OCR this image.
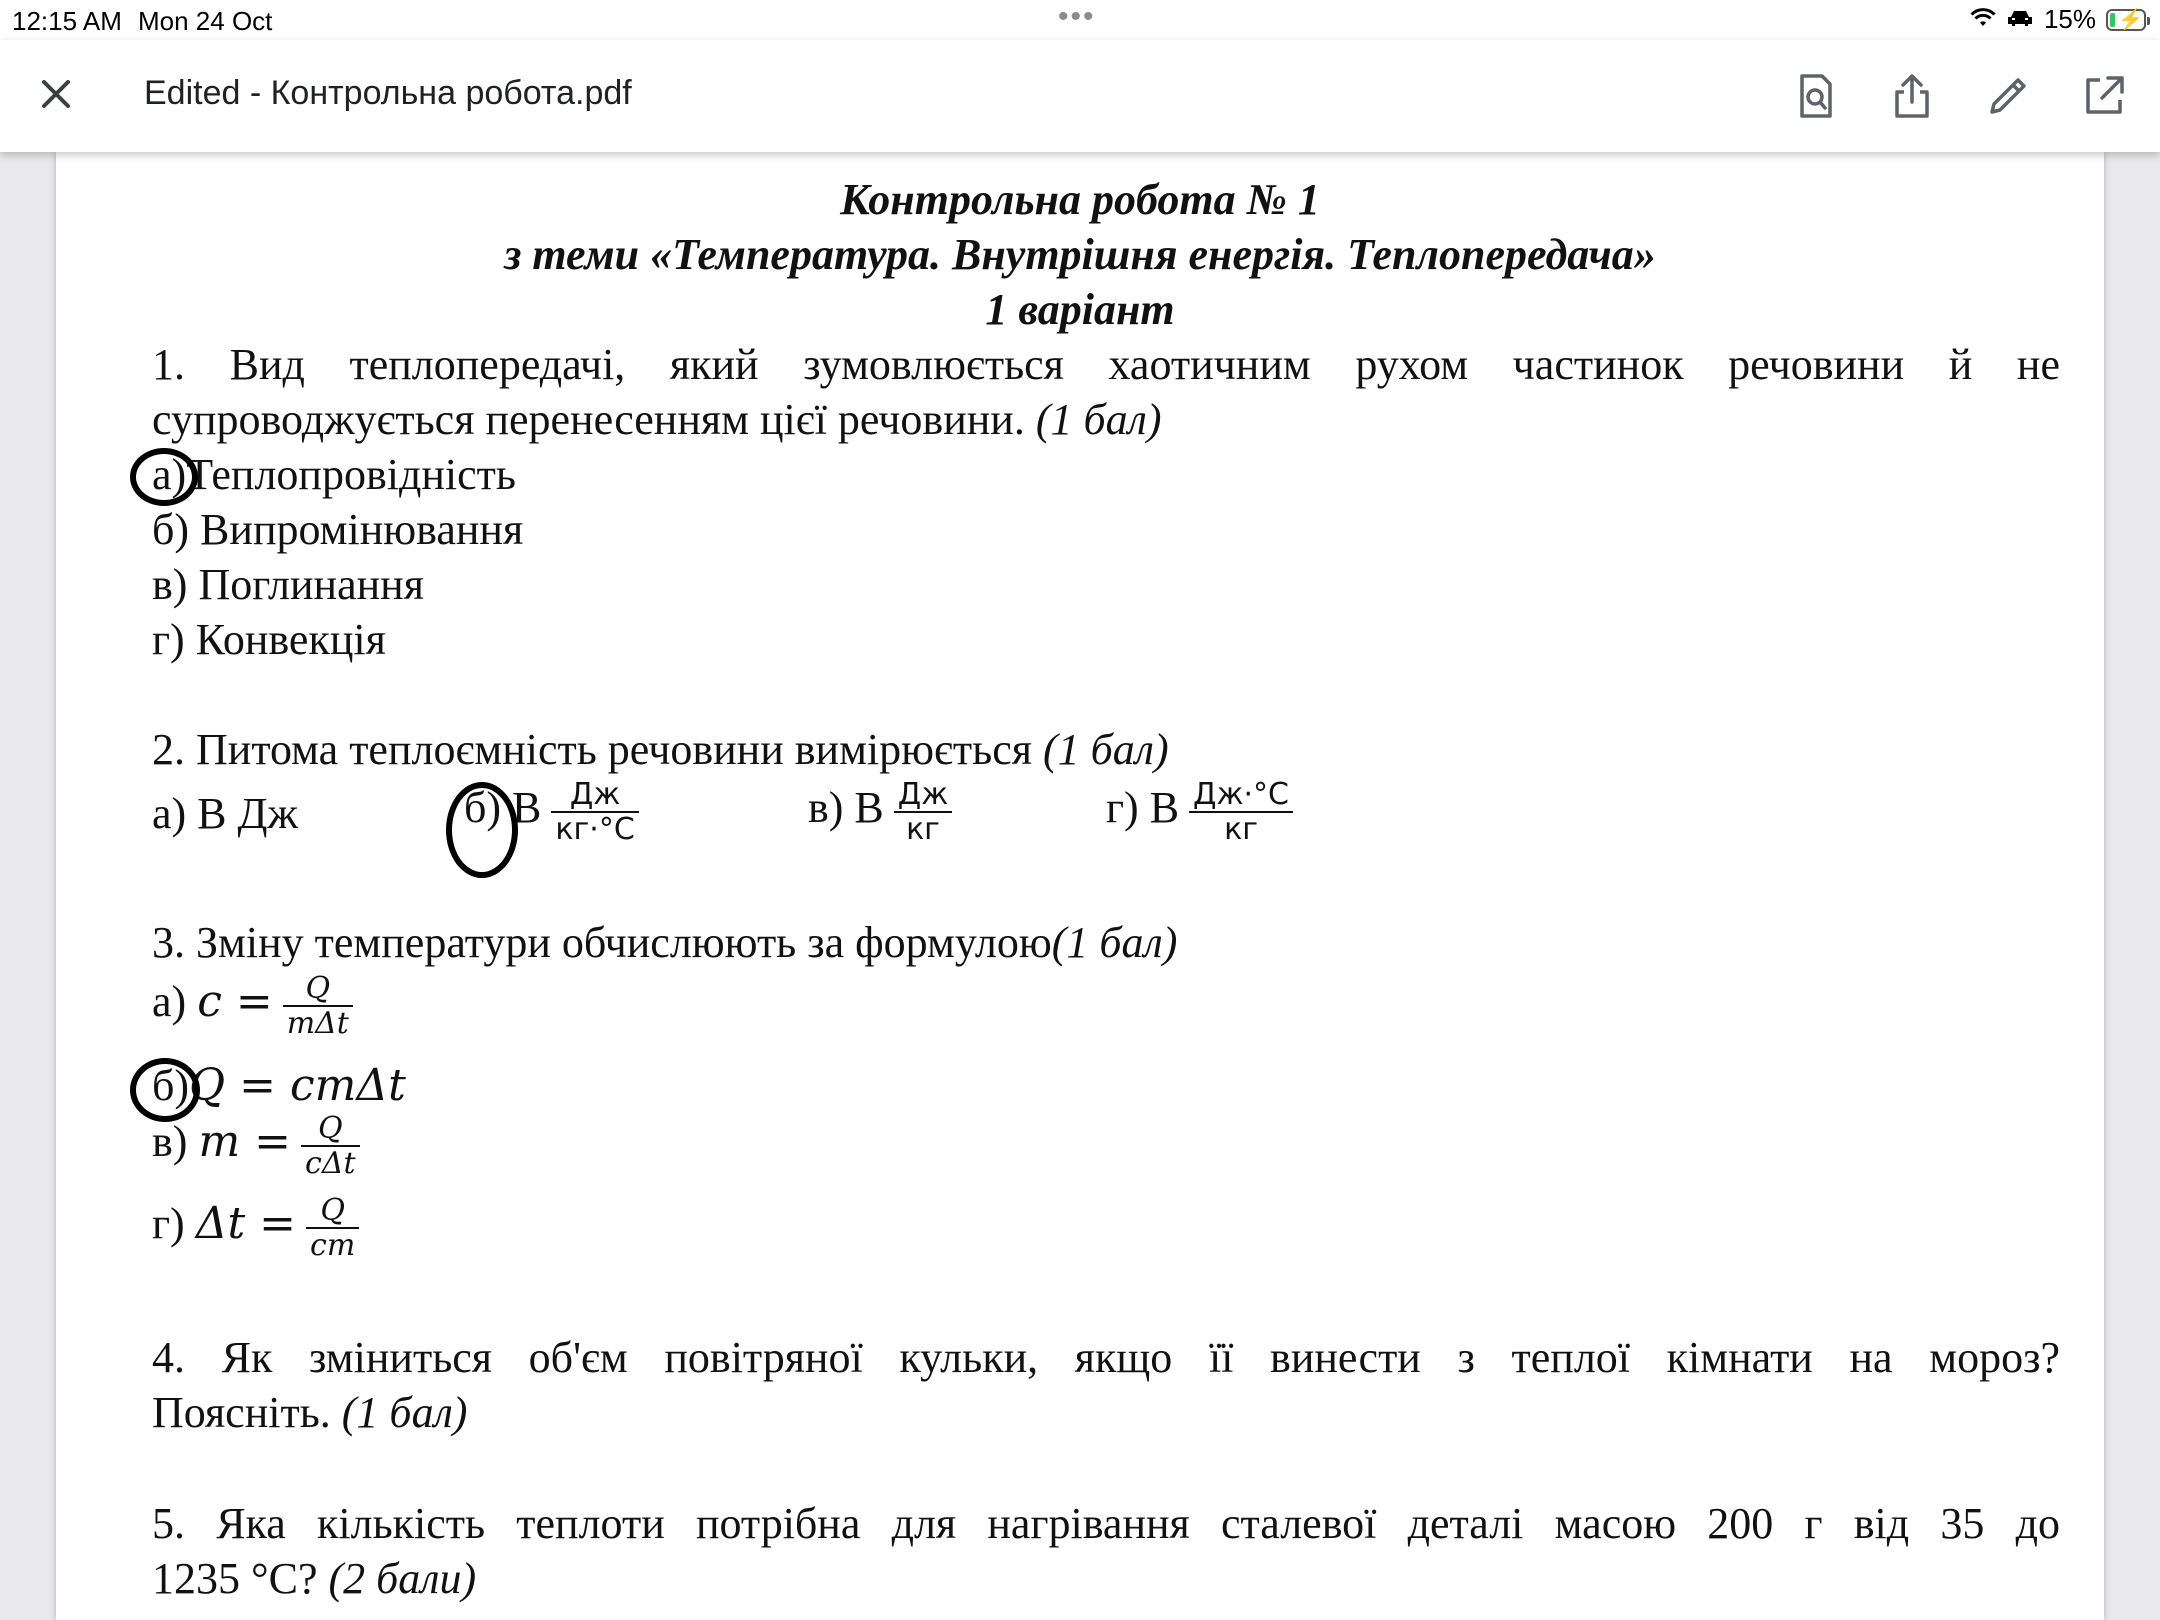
12:15 AM Mon 24 Oct	•••	15% ⚡
Edited - Контрольна робота.pdf
Контрольна робота № 1
з теми «Температура. Внутрішня енергія. Теплопередача»
1 варіант
1. Вид теплопередачі, який зумовлюється хаотичним рухом частинок речовини й не
супроводжується перенесенням цієї речовини. (1 бал)
а)Теплопровідність
б) Випромінювання
в) Поглинання
г) Конвекція
2. Питома теплоємність речовини вимірюється (1 бал)
а) В Дж	б) В $\frac{Дж}{кг\cdot^\circ С}$	в) В $\frac{Дж}{кг}$	г) В $\frac{Дж\cdot^\circ С}{кг}$
3. Зміну температури обчислюють за формулою(1 бал)
а) $c = \frac{Q}{\text{mΔt}}$
б)Q = cmΔt
в) $m = \frac{Q}{\text{cΔt}}$
г) $\Delta t = \frac{Q}{cm}$
4. Як зміниться об'єм повітряної кульки, якщо її винести з теплої кімнати на мороз?
Поясніть. (1 бал)
5. Яка кількість теплоти потрібна для нагрівання сталевої деталі масою 200 г від 35 до
1235 °С? (2 бали)
